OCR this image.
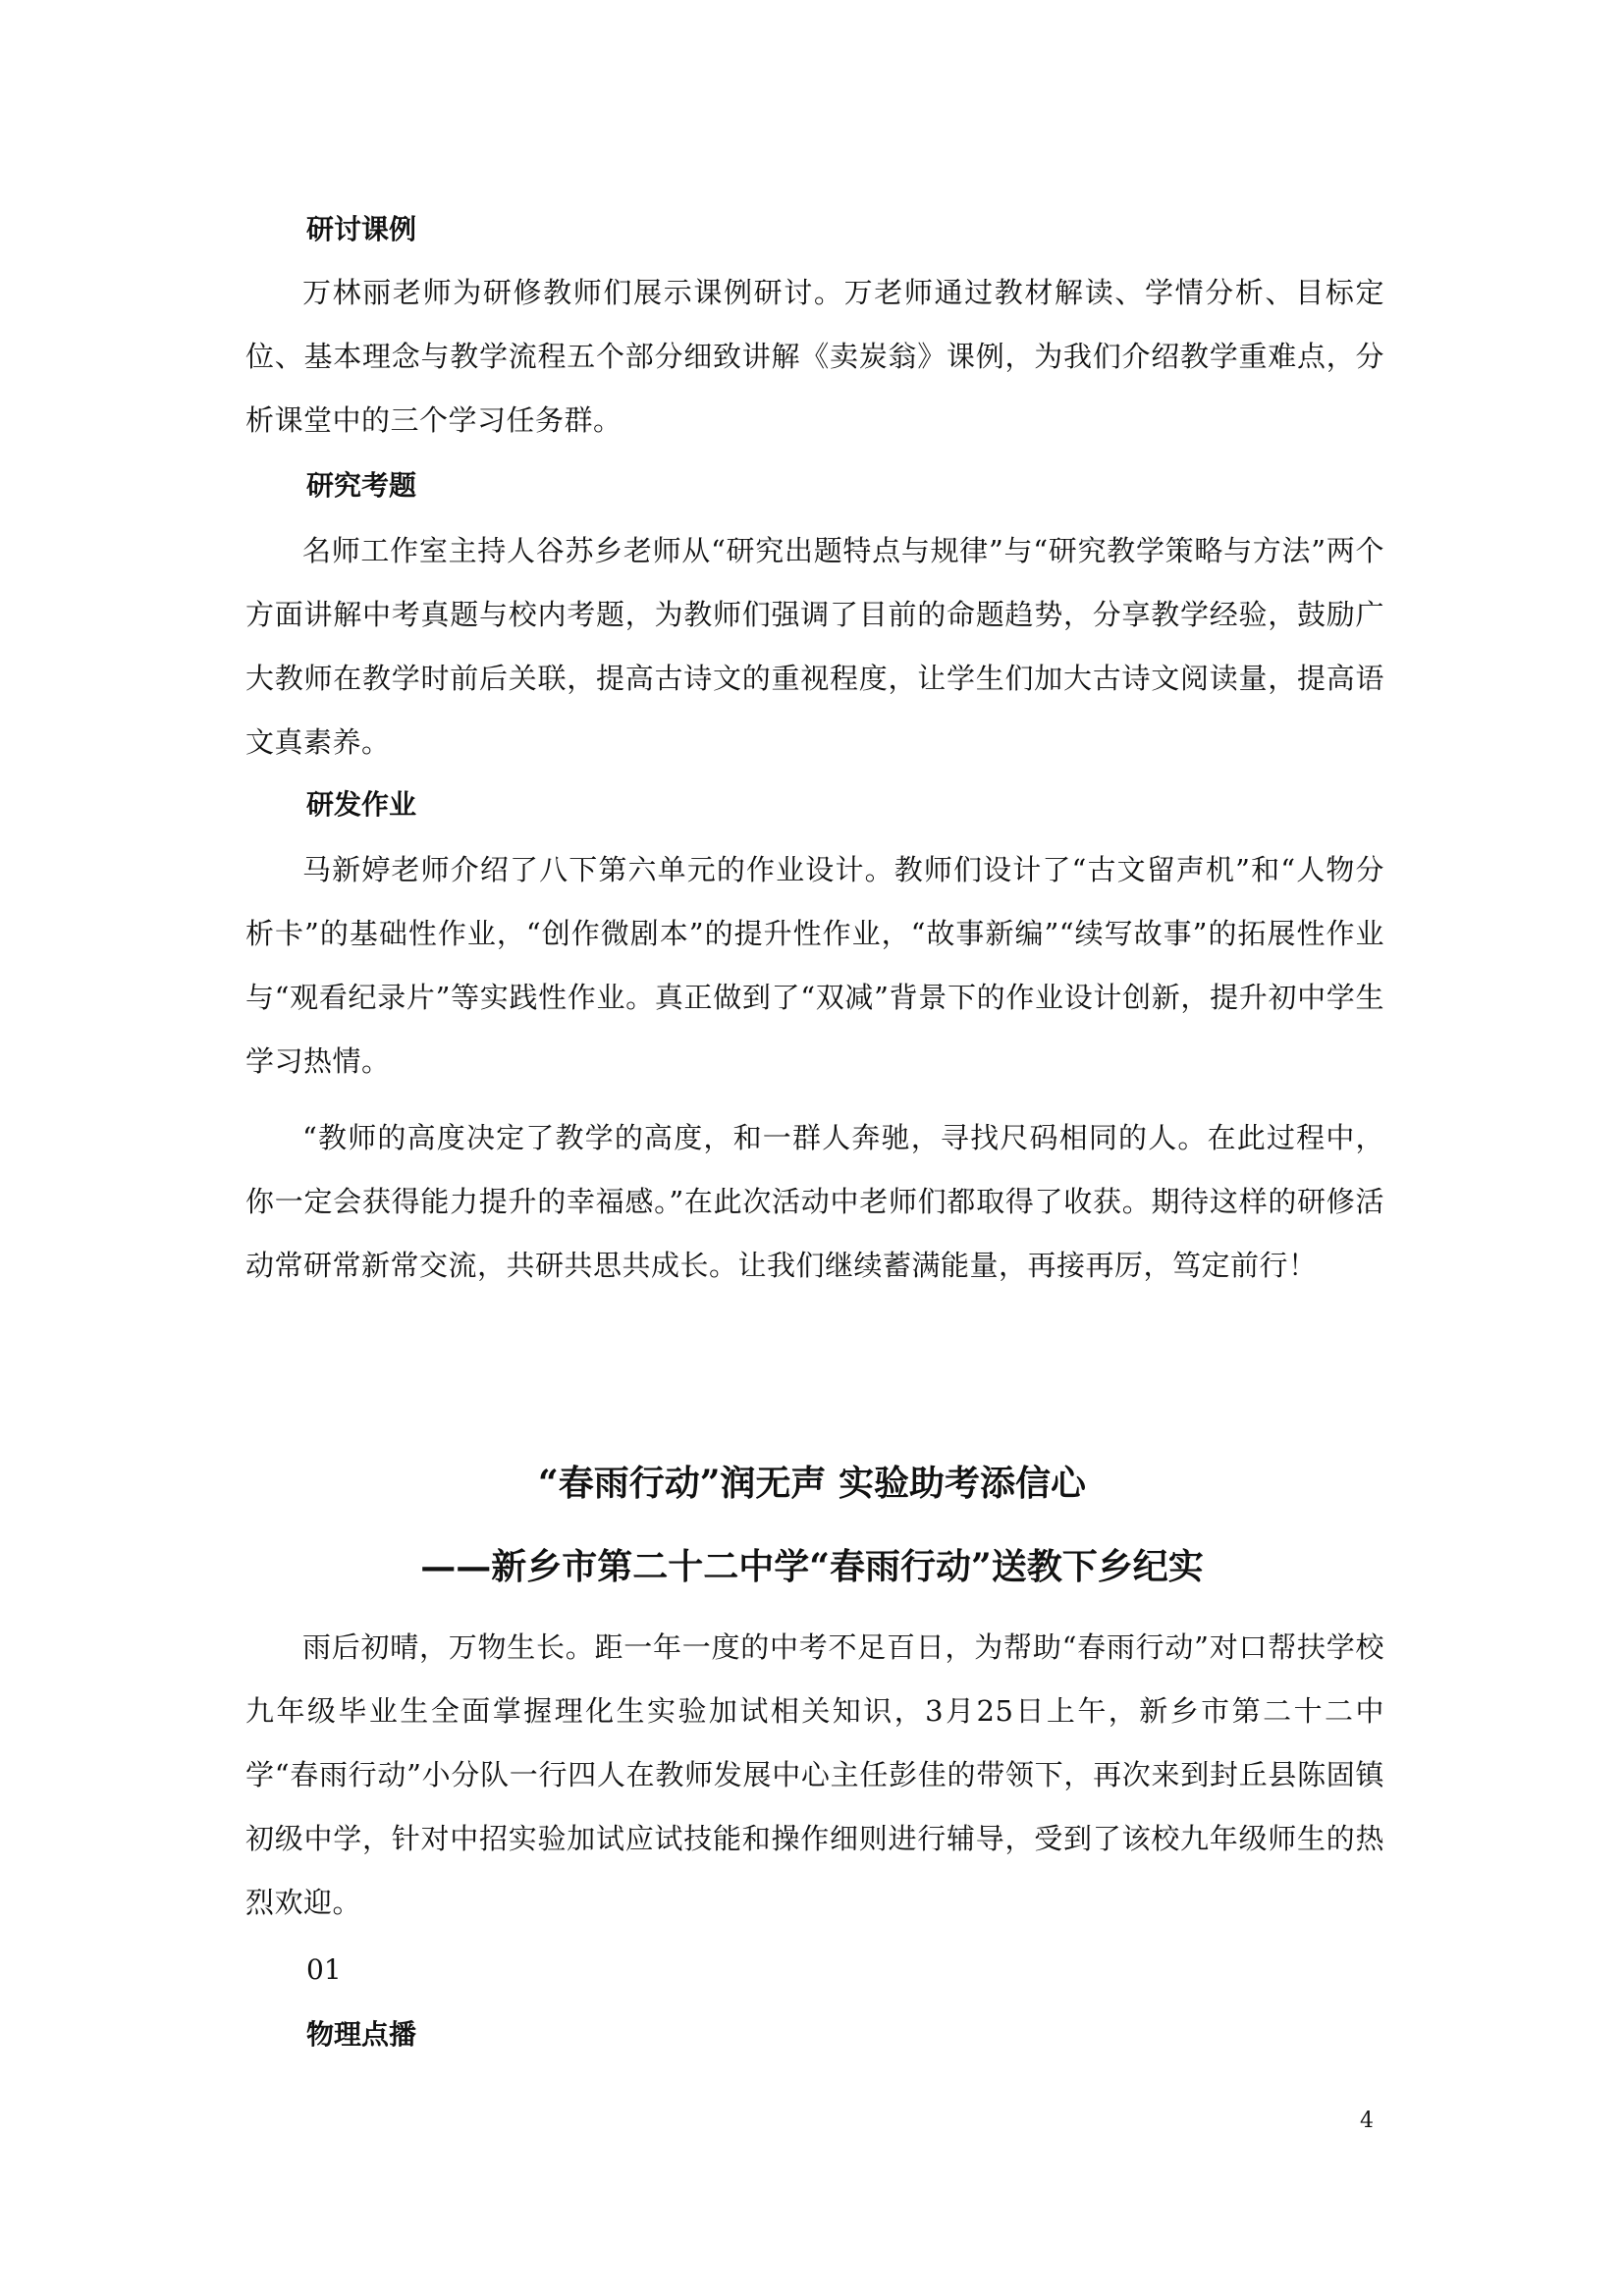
研讨课例

万林丽老师为研修教师们展示课例研讨。万老师通过教材解读、学情分析、目标定位、基本理念与教学流程五个部分细致讲解《卖炭翁》课例，为我们介绍教学重难点，分析课堂中的三个学习任务群。

研究考题

名师工作室主持人谷苏乡老师从“研究出题特点与规律”与“研究教学策略与方法”两个方面讲解中考真题与校内考题，为教师们强调了目前的命题趋势，分享教学经验，鼓励广大教师在教学时前后关联，提高古诗文的重视程度，让学生们加大古诗文阅读量，提高语文真素养。

研发作业

马新婷老师介绍了八下第六单元的作业设计。教师们设计了“古文留声机”和“人物分析卡”的基础性作业，“创作微剧本”的提升性作业，“故事新编”“续写故事”的拓展性作业与“观看纪录片”等实践性作业。真正做到了“双减”背景下的作业设计创新，提升初中学生学习热情。

“教师的高度决定了教学的高度，和一群人奔驰，寻找尺码相同的人。在此过程中，你一定会获得能力提升的幸福感。”在此次活动中老师们都取得了收获。期待这样的研修活动常研常新常交流，共研共思共成长。让我们继续蓄满能量，再接再厉，笃定前行！

“春雨行动”润无声 实验助考添信心

——新乡市第二十二中学“春雨行动”送教下乡纪实

雨后初晴，万物生长。距一年一度的中考不足百日，为帮助“春雨行动”对口帮扶学校九年级毕业生全面掌握理化生实验加试相关知识，3月25日上午，新乡市第二十二中学“春雨行动”小分队一行四人在教师发展中心主任彭佳的带领下，再次来到封丘县陈固镇初级中学，针对中招实验加试应试技能和操作细则进行辅导，受到了该校九年级师生的热烈欢迎。

01

物理点播

4
